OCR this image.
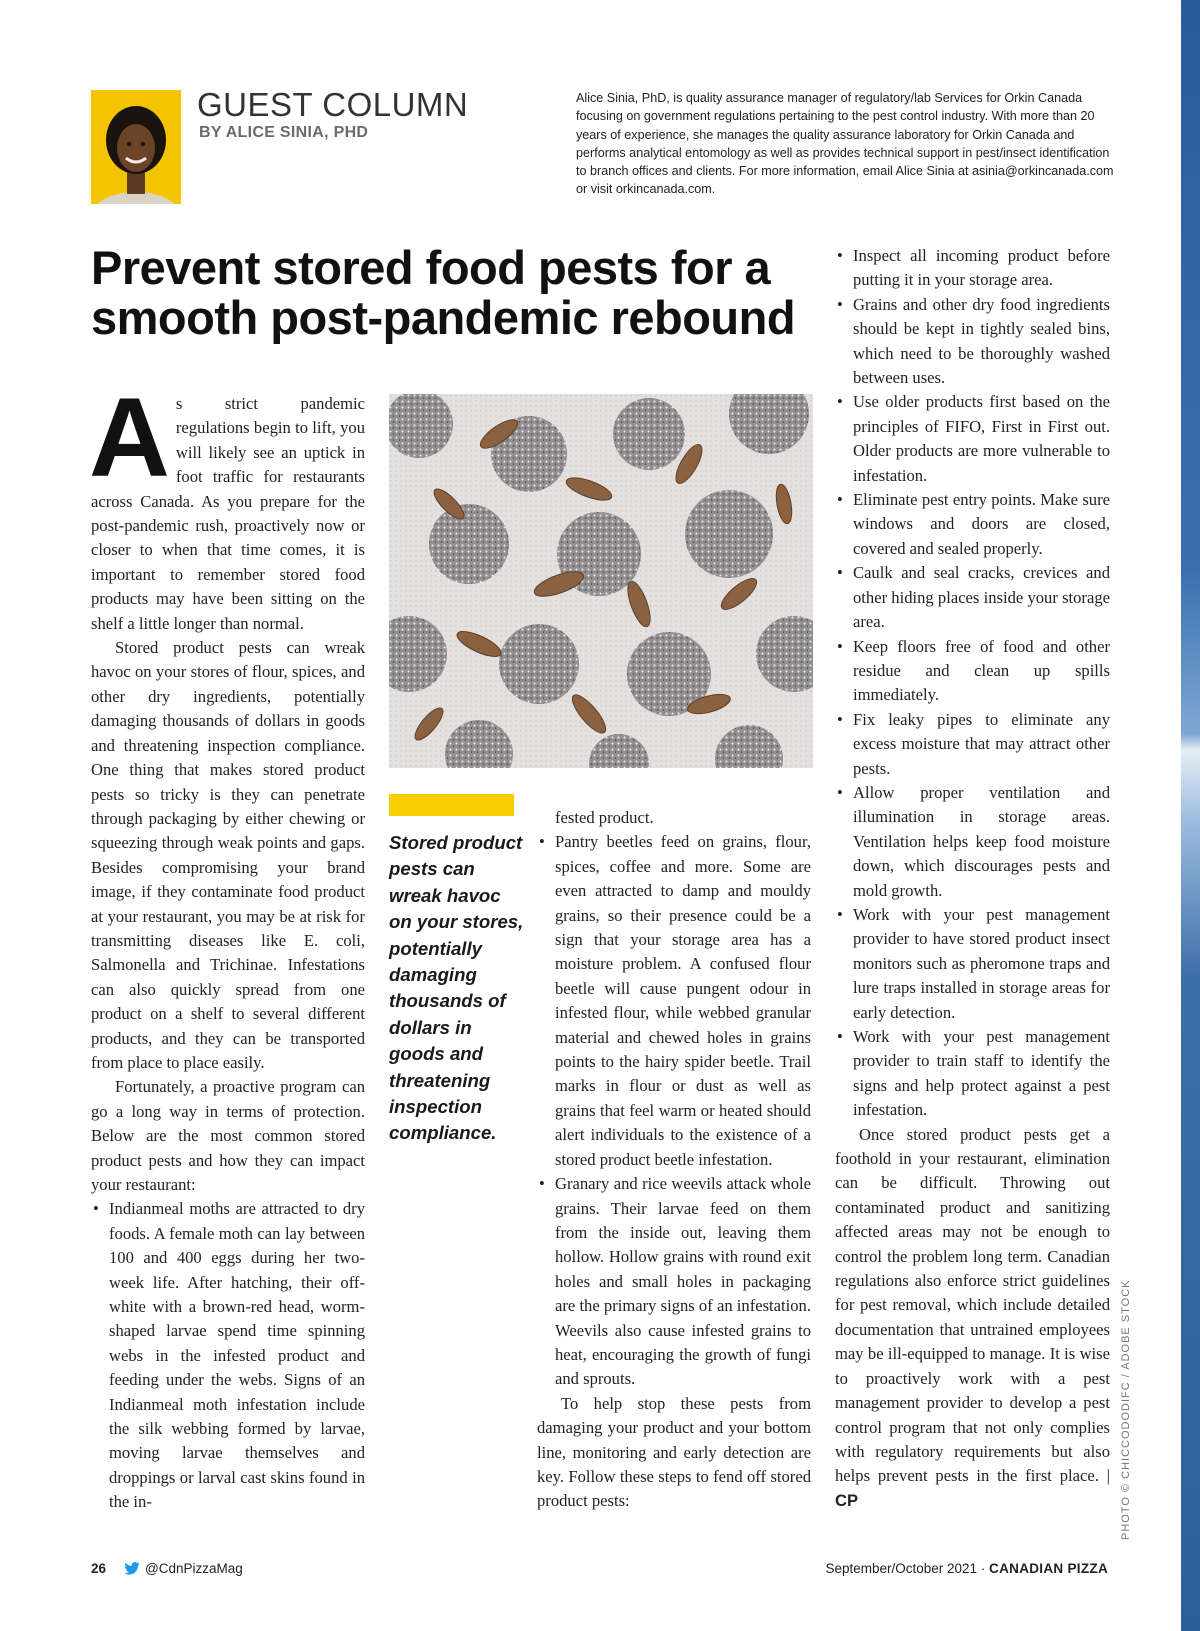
GUEST COLUMN
BY ALICE SINIA, PHD
Alice Sinia, PhD, is quality assurance manager of regulatory/lab Services for Orkin Canada focusing on government regulations pertaining to the pest control industry. With more than 20 years of experience, she manages the quality assurance laboratory for Orkin Canada and performs analytical entomology as well as provides technical support in pest/insect identification to branch offices and clients. For more information, email Alice Sinia at asinia@orkincanada.com or visit orkincanada.com.
Prevent stored food pests for a smooth post-pandemic rebound

As strict pandemic regulations begin to lift, you will likely see an uptick in foot traffic for restaurants across Canada. As you prepare for the post-pandemic rush, proactively now or closer to when that time comes, it is important to remember stored food products may have been sitting on the shelf a little longer than normal.

Stored product pests can wreak havoc on your stores of flour, spices, and other dry ingredients, potentially damaging thousands of dollars in goods and threatening inspection compliance. One thing that makes stored product pests so tricky is they can penetrate through packaging by either chewing or squeezing through weak points and gaps. Besides compromising your brand image, if they contaminate food product at your restaurant, you may be at risk for transmitting diseases like E. coli, Salmonella and Trichinae. Infestations can also quickly spread from one product on a shelf to several different products, and they can be transported from place to place easily.

Fortunately, a proactive program can go a long way in terms of protection. Below are the most common stored product pests and how they can impact your restaurant:

• Indianmeal moths are attracted to dry foods. A female moth can lay between 100 and 400 eggs during her two-week life. After hatching, their off-white with a brown-red head, worm-shaped larvae spend time spinning webs in the infested product and feeding under the webs. Signs of an Indianmeal moth infestation include the silk webbing formed by larvae, moving larvae themselves and droppings or larval cast skins found in the in-
Stored product pests can wreak havoc on your stores, potentially damaging thousands of dollars in goods and threatening inspection compliance.

fested product.

• Pantry beetles feed on grains, flour, spices, coffee and more. Some are even attracted to damp and mouldy grains, so their presence could be a sign that your storage area has a moisture problem. A confused flour beetle will cause pungent odour in infested flour, while webbed granular material and chewed holes in grains points to the hairy spider beetle. Trail marks in flour or dust as well as grains that feel warm or heated should alert individuals to the existence of a stored product beetle infestation.
• Granary and rice weevils attack whole grains. Their larvae feed on them from the inside out, leaving them hollow. Hollow grains with round exit holes and small holes in packaging are the primary signs of an infestation. Weevils also cause infested grains to heat, encouraging the growth of fungi and sprouts.

To help stop these pests from damaging your product and your bottom line, monitoring and early detection are key. Follow these steps to fend off stored product pests:

• Inspect all incoming product before putting it in your storage area.
• Grains and other dry food ingredients should be kept in tightly sealed bins, which need to be thoroughly washed between uses.
• Use older products first based on the principles of FIFO, First in First out. Older products are more vulnerable to infestation.
• Eliminate pest entry points. Make sure windows and doors are closed, covered and sealed properly.
• Caulk and seal cracks, crevices and other hiding places inside your storage area.
• Keep floors free of food and other residue and clean up spills immediately.
• Fix leaky pipes to eliminate any excess moisture that may attract other pests.
• Allow proper ventilation and illumination in storage areas. Ventilation helps keep food moisture down, which discourages pests and mold growth.
• Work with your pest management provider to have stored product insect monitors such as pheromone traps and lure traps installed in storage areas for early detection.
• Work with your pest management provider to train staff to identify the signs and help protect against a pest infestation.

Once stored product pests get a foothold in your restaurant, elimination can be difficult. Throwing out contaminated product and sanitizing affected areas may not be enough to control the problem long term. Canadian regulations also enforce strict guidelines for pest removal, which include detailed documentation that untrained employees may be ill-equipped to manage. It is wise to proactively work with a pest management provider to develop a pest control program that not only complies with regulatory requirements but also helps prevent pests in the first place. | CP	PHOTO © CHICCODODIFC / ADOBE STOCK
26	@CdnPizzaMag	September/October 2021 · CANADIAN PIZZA
